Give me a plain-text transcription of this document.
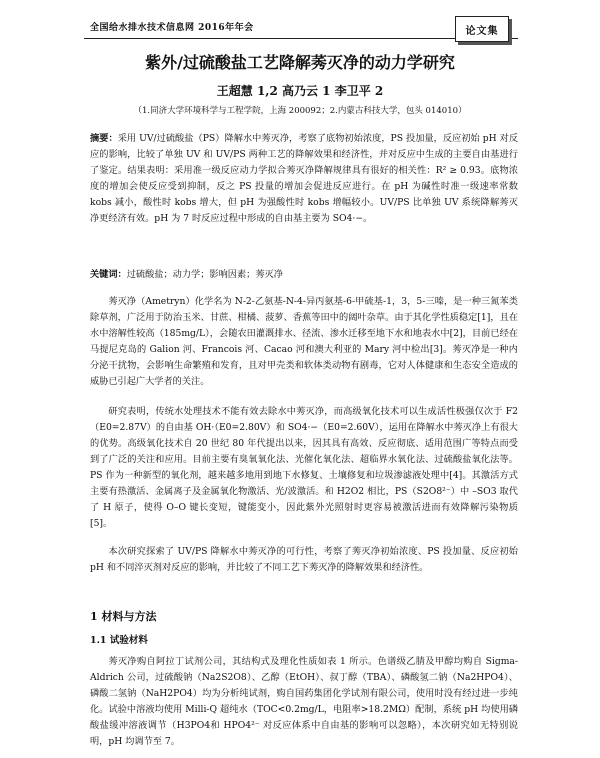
全国给水排水技术信息网 2016年年会	论文集
紫外/过硫酸盐工艺降解莠灭净的动力学研究
王超慧 1,2 高乃云 1 李卫平 2
（1.同济大学环境科学与工程学院，上海 200092；2.内蒙古科技大学，包头 014010）
摘要：采用 UV/过硫酸盐（PS）降解水中莠灭净，考察了底物初始浓度，PS 投加量，反应初始 pH 对反应的影响，比较了单独 UV 和 UV/PS 两种工艺的降解效果和经济性，并对反应中生成的主要自由基进行了鉴定。结果表明：采用准一级反应动力学拟合莠灭净降解规律具有很好的相关性：R² ≥ 0.93。底物浓度的增加会使反应受到抑制，反之 PS 投量的增加会促进反应进行。在 pH 为碱性时准一级速率常数 kobs 减小，酸性时 kobs 增大，但 pH 为强酸性时 kobs 增幅较小。UV/PS 比单独 UV 系统降解莠灭净更经济有效。pH 为 7 时反应过程中形成的自由基主要为 SO4·−。
关键词：过硫酸盐；动力学；影响因素；莠灭净
莠灭净（Ametryn）化学名为 N-2-乙氨基-N-4-异丙氨基-6-甲硫基-1，3，5-三嗪，是一种三氮苯类除草剂，广泛用于防治玉米、甘蔗、柑橘、菠萝、香蕉等田中的阔叶杂草。由于其化学性质稳定[1]，且在水中溶解性较高（185mg/L），会随农田灌溉排水、径流、渗水迁移至地下水和地表水中[2]，目前已经在马提尼克岛的 Galion 河、Francois 河、Cacao 河和澳大利亚的 Mary 河中检出[3]。莠灭净是一种内分泌干扰物，会影响生命繁殖和发育，且对甲壳类和软体类动物有剧毒，它对人体健康和生态安全造成的威胁已引起广大学者的关注。
研究表明，传统水处理技术不能有效去除水中莠灭净，而高级氧化技术可以生成活性极强仅次于 F2（E0=2.87V）的自由基 OH·（E0=2.80V）和 SO4·−（E0=2.60V），运用在降解水中莠灭净上有很大的优势。高级氧化技术自 20 世纪 80 年代提出以来，因其具有高效、反应彻底、适用范围广等特点而受到了广泛的关注和应用。目前主要有臭氧氧化法、光催化氧化法、超临界水氧化法、过硫酸盐氧化法等。PS 作为一种新型的氧化剂，越来越多地用到地下水修复、土壤修复和垃圾渗滤液处理中[4]。其激活方式主要有热激活、金属离子及金属氧化物激活、光/波激活。和 H2O2 相比，PS（S2O8²⁻）中 –SO3 取代了 H 原子，使得 O–O 键长变短，键能变小，因此紫外光照射时更容易被激活进而有效降解污染物质[5]。
本次研究探索了 UV/PS 降解水中莠灭净的可行性，考察了莠灭净初始浓度、PS 投加量、反应初始 pH 和不同淬灭剂对反应的影响，并比较了不同工艺下莠灭净的降解效果和经济性。
1 材料与方法
1.1 试验材料
莠灭净购自阿拉丁试剂公司，其结构式及理化性质如表 1 所示。色谱级乙腈及甲醇均购自 Sigma-Aldrich 公司，过硫酸钠（Na2S2O8）、乙醇（EtOH）、叔丁醇（TBA）、磷酸氢二钠（Na2HPO4）、磷酸二氢钠（NaH2PO4）均为分析纯试剂，购自国药集团化学试剂有限公司，使用时没有经过进一步纯化。试验中溶液均使用 Milli-Q 超纯水（TOC<0.2mg/L，电阻率>18.2MΩ）配制，系统 pH 均使用磷酸盐缓冲溶液调节（H3PO4和 HPO4²⁻ 对反应体系中自由基的影响可以忽略），本次研究如无特别说明，pH 均调节至 7。
